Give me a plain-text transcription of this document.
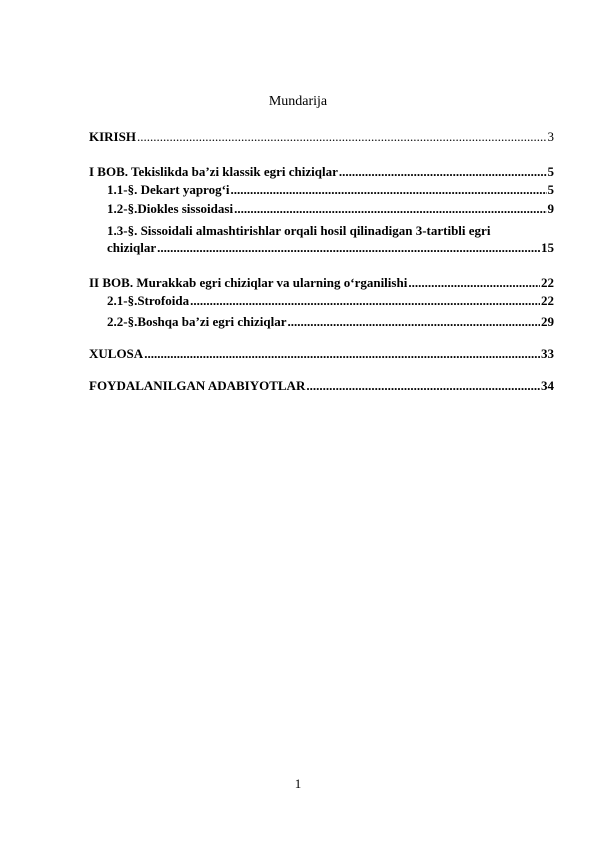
Mundarija
KIRISH .....	3
I BOB. Tekislikda ba’zi klassik egri chiziqlar .....	5
1.1-§. Dekart yaprog‘i .....	5
1.2-§.Diokles sissoidasi .....	9
1.3-§. Sissoidali almashtirishlar orqali hosil qilinadigan 3-tartibli egri
chiziqlar .....	15
II BOB. Murakkab egri chiziqlar va ularning o‘rganilishi .....	22
2.1-§.Strofoida .....	22
2.2-§.Boshqa ba’zi egri chiziqlar .....	29
XULOSA .....	33
FOYDALANILGAN ADABIYOTLAR .....	34
1
